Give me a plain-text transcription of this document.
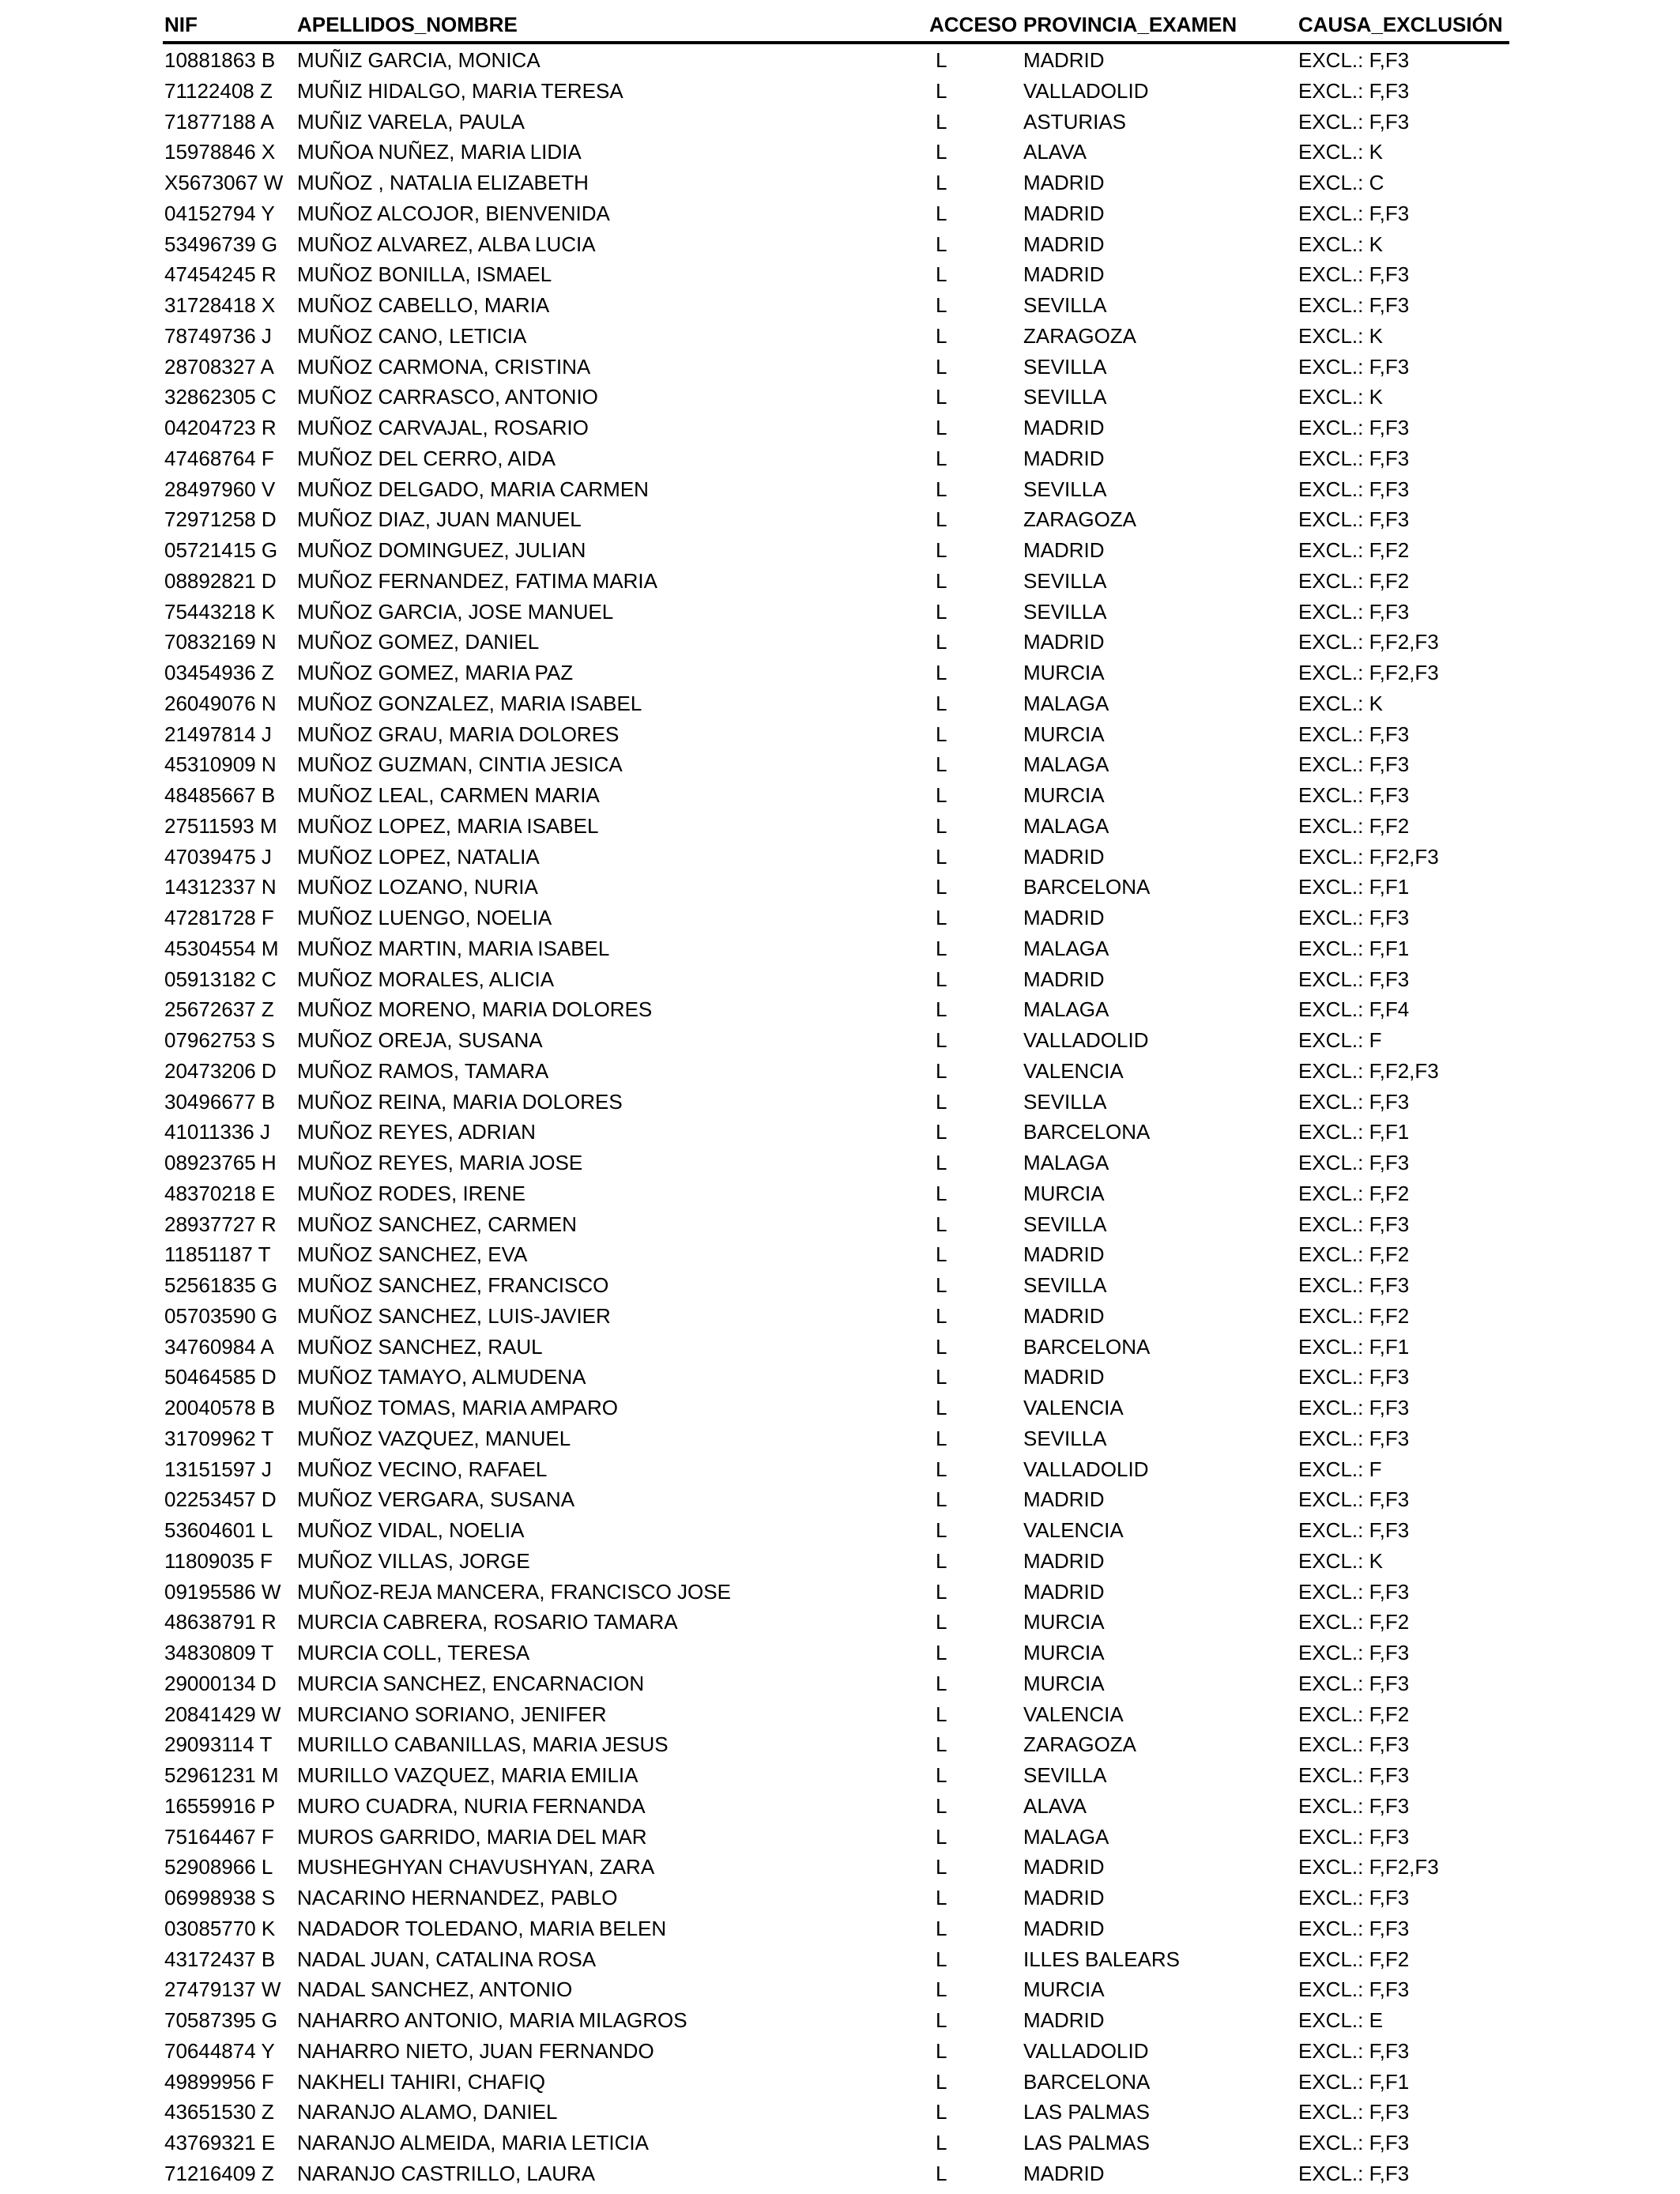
NIF	APELLIDOS_NOMBRE	ACCESO PROVINCIA_EXAMEN	CAUSA_EXCLUSIÓN
10881863 B MUÑIZ GARCIA, MONICA	L	MADRID	EXCL.: F,F3
71122408 Z MUÑIZ HIDALGO, MARIA TERESA	L	VALLADOLID	EXCL.: F,F3
71877188 A MUÑIZ VARELA, PAULA	L	ASTURIAS	EXCL.: F,F3
15978846 X MUÑOA NUÑEZ, MARIA LIDIA	L	ALAVA	EXCL.: K
X5673067 W MUÑOZ , NATALIA ELIZABETH	L	MADRID	EXCL.: C
04152794 Y MUÑOZ ALCOJOR, BIENVENIDA	L	MADRID	EXCL.: F,F3
53496739 G MUÑOZ ALVAREZ, ALBA LUCIA	L	MADRID	EXCL.: K
47454245 R MUÑOZ BONILLA, ISMAEL	L	MADRID	EXCL.: F,F3
31728418 X MUÑOZ CABELLO, MARIA	L	SEVILLA	EXCL.: F,F3
78749736 J MUÑOZ CANO, LETICIA	L	ZARAGOZA	EXCL.: K
28708327 A MUÑOZ CARMONA, CRISTINA	L	SEVILLA	EXCL.: F,F3
32862305 C MUÑOZ CARRASCO, ANTONIO	L	SEVILLA	EXCL.: K
04204723 R MUÑOZ CARVAJAL, ROSARIO	L	MADRID	EXCL.: F,F3
47468764 F MUÑOZ DEL CERRO, AIDA	L	MADRID	EXCL.: F,F3
28497960 V MUÑOZ DELGADO, MARIA CARMEN	L	SEVILLA	EXCL.: F,F3
72971258 D MUÑOZ DIAZ, JUAN MANUEL	L	ZARAGOZA	EXCL.: F,F3
05721415 G MUÑOZ DOMINGUEZ, JULIAN	L	MADRID	EXCL.: F,F2
08892821 D MUÑOZ FERNANDEZ, FATIMA MARIA	L	SEVILLA	EXCL.: F,F2
75443218 K MUÑOZ GARCIA, JOSE MANUEL	L	SEVILLA	EXCL.: F,F3
70832169 N MUÑOZ GOMEZ, DANIEL	L	MADRID	EXCL.: F,F2,F3
03454936 Z MUÑOZ GOMEZ, MARIA PAZ	L	MURCIA	EXCL.: F,F2,F3
26049076 N MUÑOZ GONZALEZ, MARIA ISABEL	L	MALAGA	EXCL.: K
21497814 J MUÑOZ GRAU, MARIA DOLORES	L	MURCIA	EXCL.: F,F3
45310909 N MUÑOZ GUZMAN, CINTIA JESICA	L	MALAGA	EXCL.: F,F3
48485667 B MUÑOZ LEAL, CARMEN MARIA	L	MURCIA	EXCL.: F,F3
27511593 M MUÑOZ LOPEZ, MARIA ISABEL	L	MALAGA	EXCL.: F,F2
47039475 J MUÑOZ LOPEZ, NATALIA	L	MADRID	EXCL.: F,F2,F3
14312337 N MUÑOZ LOZANO, NURIA	L	BARCELONA	EXCL.: F,F1
47281728 F MUÑOZ LUENGO, NOELIA	L	MADRID	EXCL.: F,F3
45304554 M MUÑOZ MARTIN, MARIA ISABEL	L	MALAGA	EXCL.: F,F1
05913182 C MUÑOZ MORALES, ALICIA	L	MADRID	EXCL.: F,F3
25672637 Z MUÑOZ MORENO, MARIA DOLORES	L	MALAGA	EXCL.: F,F4
07962753 S MUÑOZ OREJA, SUSANA	L	VALLADOLID	EXCL.: F
20473206 D MUÑOZ RAMOS, TAMARA	L	VALENCIA	EXCL.: F,F2,F3
30496677 B MUÑOZ REINA, MARIA DOLORES	L	SEVILLA	EXCL.: F,F3
41011336 J MUÑOZ REYES, ADRIAN	L	BARCELONA	EXCL.: F,F1
08923765 H MUÑOZ REYES, MARIA JOSE	L	MALAGA	EXCL.: F,F3
48370218 E MUÑOZ RODES, IRENE	L	MURCIA	EXCL.: F,F2
28937727 R MUÑOZ SANCHEZ, CARMEN	L	SEVILLA	EXCL.: F,F3
11851187 T MUÑOZ SANCHEZ, EVA	L	MADRID	EXCL.: F,F2
52561835 G MUÑOZ SANCHEZ, FRANCISCO	L	SEVILLA	EXCL.: F,F3
05703590 G MUÑOZ SANCHEZ, LUIS-JAVIER	L	MADRID	EXCL.: F,F2
34760984 A MUÑOZ SANCHEZ, RAUL	L	BARCELONA	EXCL.: F,F1
50464585 D MUÑOZ TAMAYO, ALMUDENA	L	MADRID	EXCL.: F,F3
20040578 B MUÑOZ TOMAS, MARIA AMPARO	L	VALENCIA	EXCL.: F,F3
31709962 T MUÑOZ VAZQUEZ, MANUEL	L	SEVILLA	EXCL.: F,F3
13151597 J MUÑOZ VECINO, RAFAEL	L	VALLADOLID	EXCL.: F
02253457 D MUÑOZ VERGARA, SUSANA	L	MADRID	EXCL.: F,F3
53604601 L MUÑOZ VIDAL, NOELIA	L	VALENCIA	EXCL.: F,F3
11809035 F MUÑOZ VILLAS, JORGE	L	MADRID	EXCL.: K
09195586 W MUÑOZ-REJA MANCERA, FRANCISCO JOSE	L	MADRID	EXCL.: F,F3
48638791 R MURCIA CABRERA, ROSARIO TAMARA	L	MURCIA	EXCL.: F,F2
34830809 T MURCIA COLL, TERESA	L	MURCIA	EXCL.: F,F3
29000134 D MURCIA SANCHEZ, ENCARNACION	L	MURCIA	EXCL.: F,F3
20841429 W MURCIANO SORIANO, JENIFER	L	VALENCIA	EXCL.: F,F2
29093114 T MURILLO CABANILLAS, MARIA JESUS	L	ZARAGOZA	EXCL.: F,F3
52961231 M MURILLO VAZQUEZ, MARIA EMILIA	L	SEVILLA	EXCL.: F,F3
16559916 P MURO CUADRA, NURIA FERNANDA	L	ALAVA	EXCL.: F,F3
75164467 F MUROS GARRIDO, MARIA DEL MAR	L	MALAGA	EXCL.: F,F3
52908966 L MUSHEGHYAN CHAVUSHYAN, ZARA	L	MADRID	EXCL.: F,F2,F3
06998938 S NACARINO HERNANDEZ, PABLO	L	MADRID	EXCL.: F,F3
03085770 K NADADOR TOLEDANO, MARIA BELEN	L	MADRID	EXCL.: F,F3
43172437 B NADAL JUAN, CATALINA ROSA	L	ILLES BALEARS	EXCL.: F,F2
27479137 W NADAL SANCHEZ, ANTONIO	L	MURCIA	EXCL.: F,F3
70587395 G NAHARRO ANTONIO, MARIA MILAGROS	L	MADRID	EXCL.: E
70644874 Y NAHARRO NIETO, JUAN FERNANDO	L	VALLADOLID	EXCL.: F,F3
49899956 F NAKHELI TAHIRI, CHAFIQ	L	BARCELONA	EXCL.: F,F1
43651530 Z NARANJO ALAMO, DANIEL	L	LAS PALMAS	EXCL.: F,F3
43769321 E NARANJO ALMEIDA, MARIA LETICIA	L	LAS PALMAS	EXCL.: F,F3
71216409 Z NARANJO CASTRILLO, LAURA	L	MADRID	EXCL.: F,F3
